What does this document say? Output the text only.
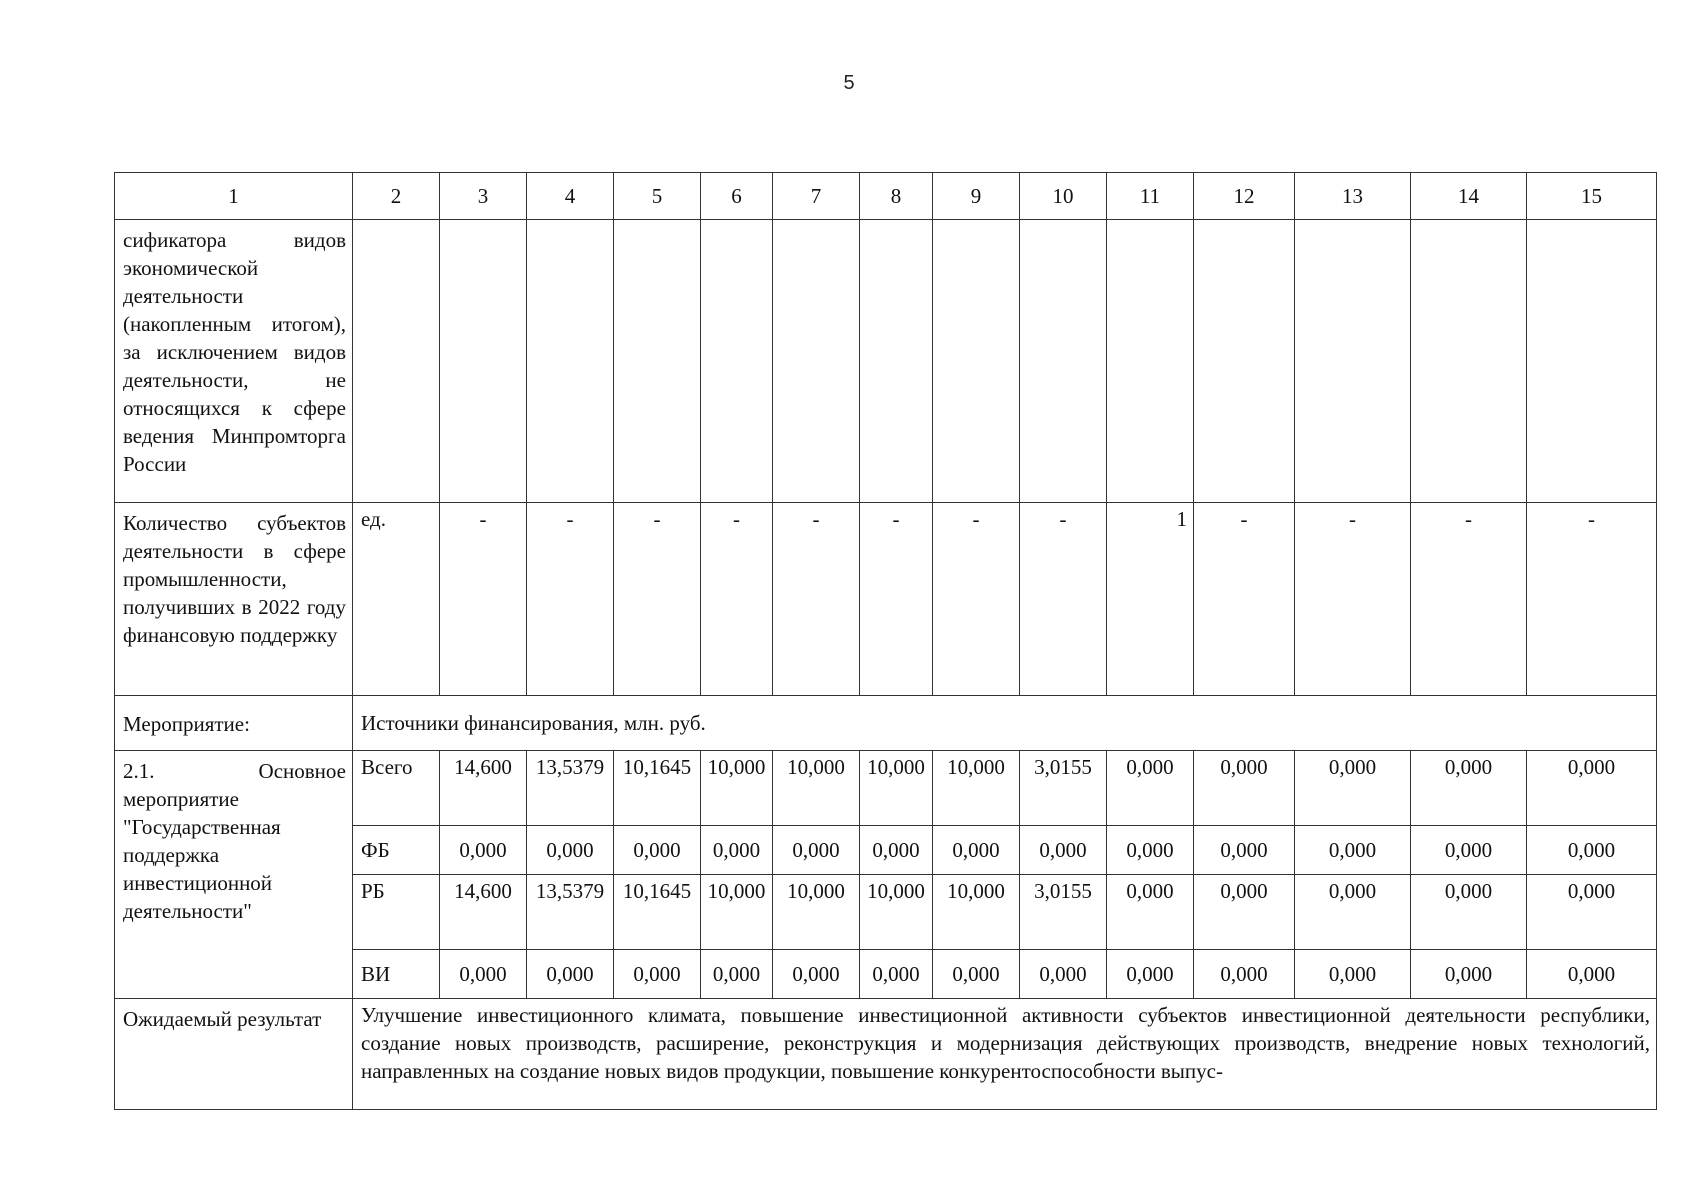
5
1	2	3	4	5	6	7	8	9	10	11	12	13	14	15
сификатора видов экономической деятельности (накопленным итогом), за исключением видов деятельности, не относящихся к сфере ведения Минпромторга России														
Количество субъектов деятельности в сфере промышленности, получивших в 2022 году финансовую поддержку	ед.	-	-	-	-	-	-	-	-	1	-	-	-	-
Мероприятие:	Источники финансирования, млн. руб.													
2.1. Основное мероприятие "Государственная поддержка инвестиционной деятельности"	Всего	14,600	13,5379	10,1645	10,000	10,000	10,000	10,000	3,0155	0,000	0,000	0,000	0,000	0,000
	ФБ	0,000	0,000	0,000	0,000	0,000	0,000	0,000	0,000	0,000	0,000	0,000	0,000	0,000
	РБ	14,600	13,5379	10,1645	10,000	10,000	10,000	10,000	3,0155	0,000	0,000	0,000	0,000	0,000
	ВИ	0,000	0,000	0,000	0,000	0,000	0,000	0,000	0,000	0,000	0,000	0,000	0,000	0,000
Ожидаемый результат	Улучшение инвестиционного климата, повышение инвестиционной активности субъектов инвестиционной деятельности республики, создание новых производств, расширение, реконструкция и модернизация действующих производств, внедрение новых технологий, направленных на создание новых видов продукции, повышение конкурентоспособности выпус-													
